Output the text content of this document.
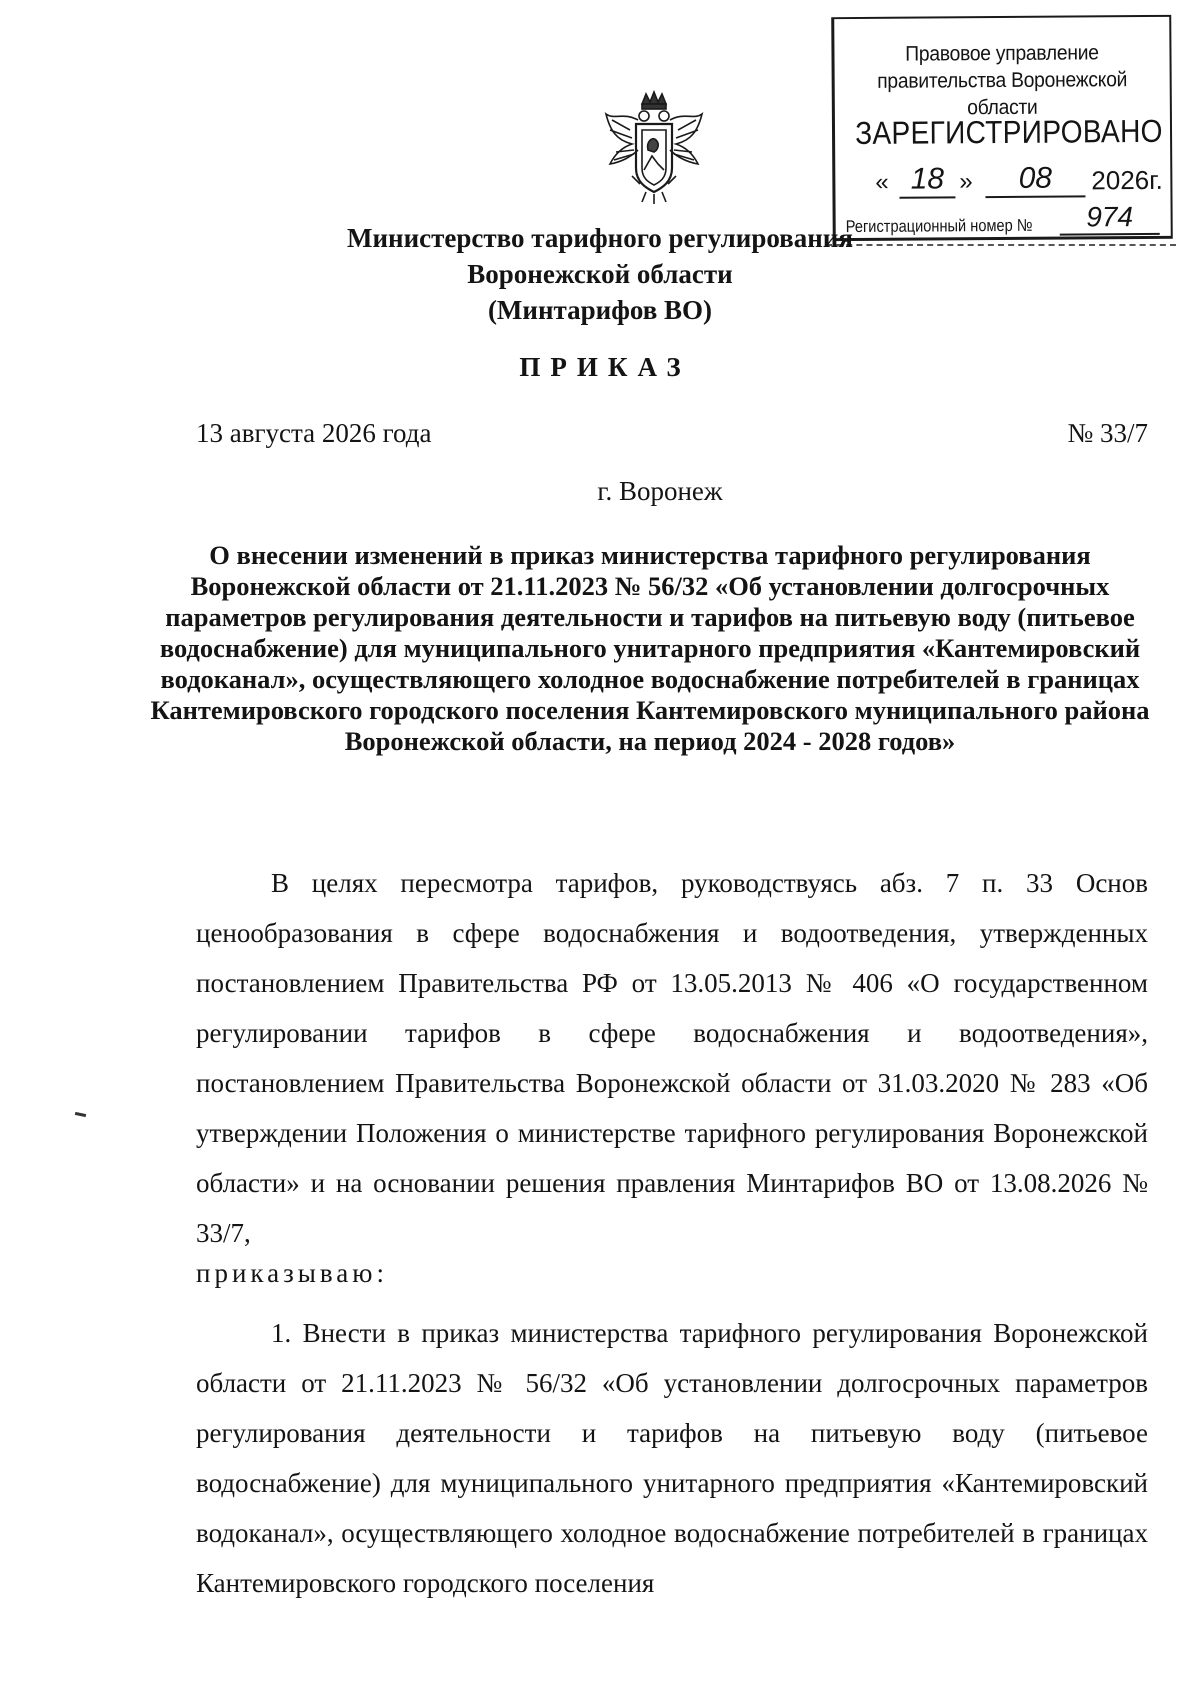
Правовое управление правительства Воронежской области
ЗАРЕГИСТРИРОВАНО
« 18 »	08	2026г.
Регистрационный номер №	974
Министерство тарифного регулирования
Воронежской области
(Минтарифов ВО)
ПРИКАЗ
13 августа 2026 года	№ 33/7
г. Воронеж
О внесении изменений в приказ министерства тарифного регулирования Воронежской области от 21.11.2023 № 56/32 «Об установлении долгосрочных параметров регулирования деятельности и тарифов на питьевую воду (питьевое водоснабжение) для муниципального унитарного предприятия «Кантемировский водоканал», осуществляющего холодное водоснабжение потребителей в границах Кантемировского городского поселения Кантемировского муниципального района Воронежской области, на период 2024 - 2028 годов»
В целях пересмотра тарифов, руководствуясь абз. 7 п. 33 Основ ценообразования в сфере водоснабжения и водоотведения, утвержденных постановлением Правительства РФ от 13.05.2013 № 406 «О государственном регулировании тарифов в сфере водоснабжения и водоотведения», постановлением Правительства Воронежской области от 31.03.2020 № 283 «Об утверждении Положения о министерстве тарифного регулирования Воронежской области» и на основании решения правления Минтарифов ВО от 13.08.2026 № 33/7,
приказываю:
1. Внести в приказ министерства тарифного регулирования Воронежской области от 21.11.2023 № 56/32 «Об установлении долгосрочных параметров регулирования деятельности и тарифов на питьевую воду (питьевое водоснабжение) для муниципального унитарного предприятия «Кантемировский водоканал», осуществляющего холодное водоснабжение потребителей в границах Кантемировского городского поселения
